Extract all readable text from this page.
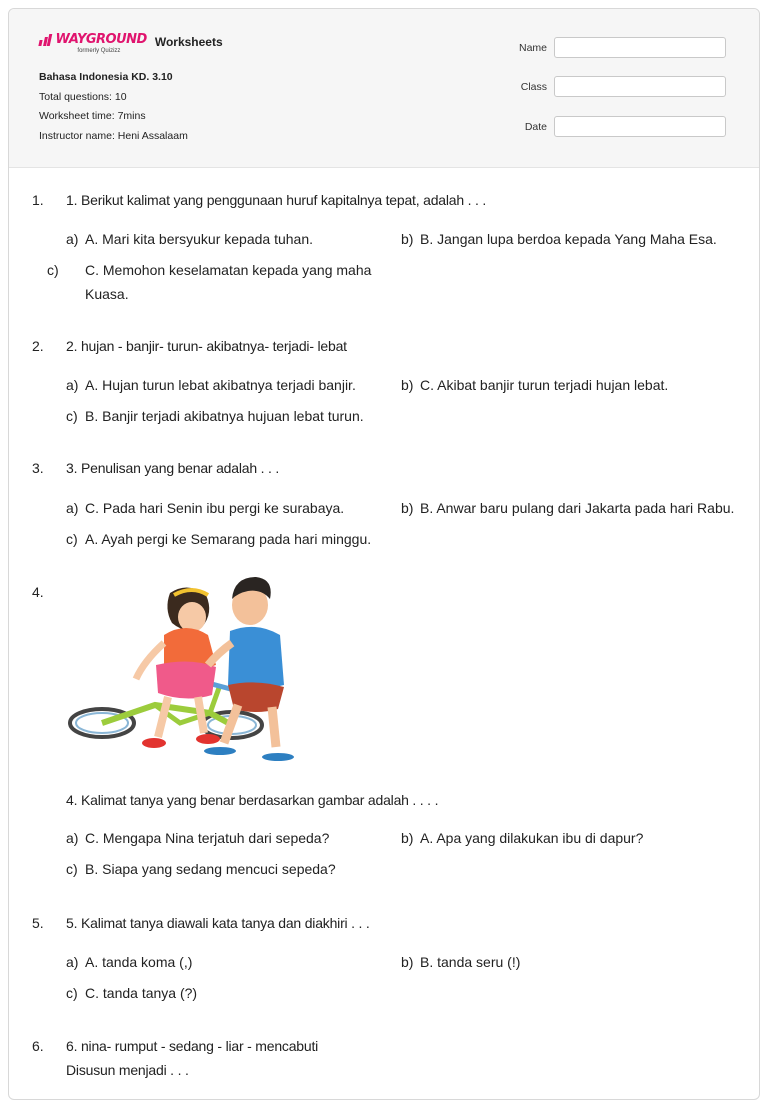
WAYGROUND
formerly Quizizz
Worksheets
Bahasa Indonesia KD. 3.10
Total questions: 10
Worksheet time: 7mins
Instructor name: Heni Assalaam
Name
Class
Date
1. 1. Berikut kalimat yang penggunaan huruf kapitalnya tepat, adalah . . .
a) A. Mari kita bersyukur kepada tuhan.	b) B. Jangan lupa berdoa kepada Yang Maha Esa.
c) C. Memohon keselamatan kepada yang maha Kuasa.
2. 2. hujan - banjir- turun- akibatnya- terjadi- lebat
a) A. Hujan turun lebat akibatnya terjadi banjir.	b) C. Akibat banjir turun terjadi hujan lebat.
c) B. Banjir terjadi akibatnya hujuan lebat turun.
3. 3. Penulisan yang benar adalah . . .
a) C. Pada hari Senin ibu pergi ke surabaya.	b) B. Anwar baru pulang dari Jakarta pada hari Rabu.
c) A. Ayah pergi ke Semarang pada hari minggu.
4.
4. Kalimat tanya yang benar berdasarkan gambar adalah . . . .
a) C. Mengapa Nina terjatuh dari sepeda?	b) A. Apa yang dilakukan ibu di dapur?
c) B. Siapa yang sedang mencuci sepeda?
5. 5. Kalimat tanya diawali kata tanya dan diakhiri . . .
a) A. tanda koma (,)	b) B. tanda seru (!)
c) C. tanda tanya (?)
6. 6. nina- rumput - sedang - liar - mencabuti
Disusun menjadi . . .
